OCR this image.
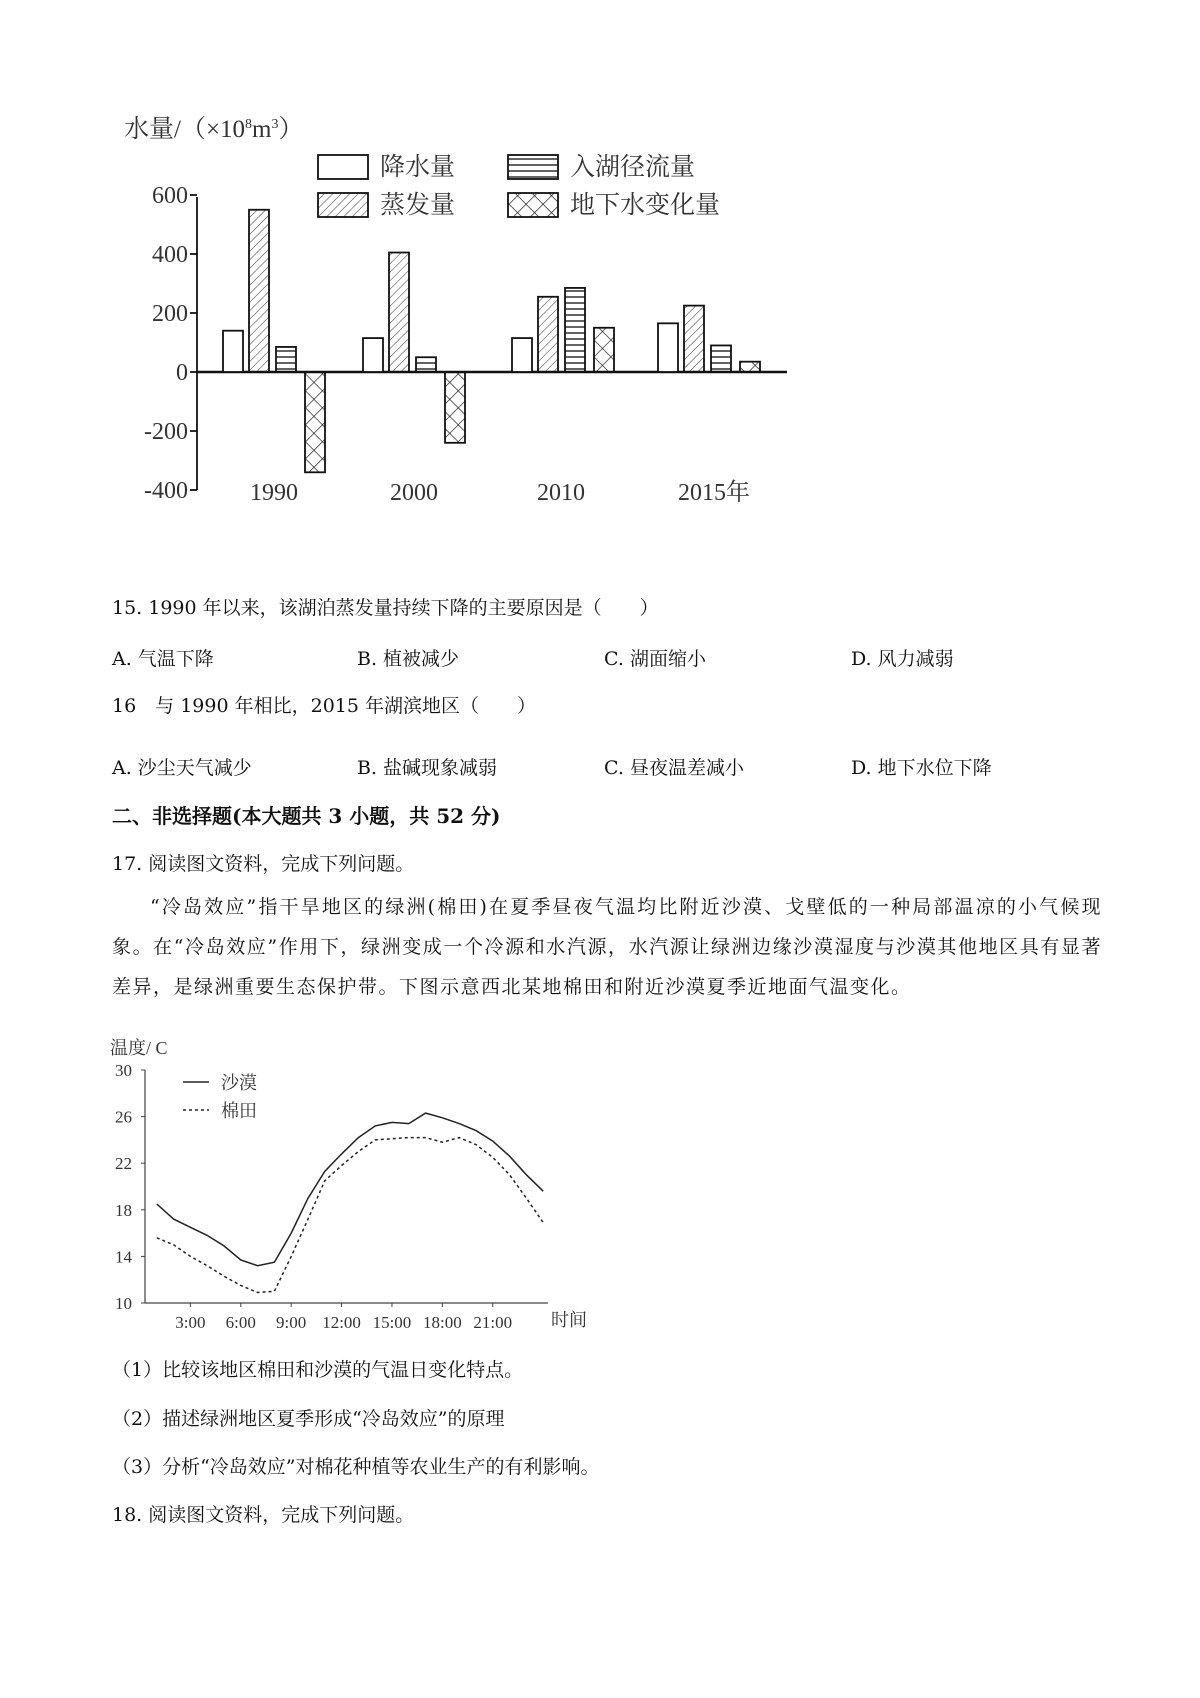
水量$/(\times 10^8m^3)$
降水量	入湖径流量
蒸发量	地下水变化量
600
400
200
0
-200
-400	1990	2000	2010	2015年
15. 1990 年以来，该湖泊蒸发量持续下降的主要原因是（　　）
A. 气温下降	B. 植被减少	C. 湖面缩小	D. 风力减弱
16　与 1990 年相比，2015 年湖滨地区（　　）
A. 沙尘天气减少	B. 盐碱现象减弱	C. 昼夜温差减小	D. 地下水位下降
二、非选择题(本大题共 3 小题，共 52 分)
17. 阅读图文资料，完成下列问题。
“冷岛效应”指干旱地区的绿洲(棉田)在夏季昼夜气温均比附近沙漠、戈壁低的一种局部温凉的小气候现象。在“冷岛效应”作用下，绿洲变成一个冷源和水汽源，水汽源让绿洲边缘沙漠湿度与沙漠其他地区具有显著差异，是绿洲重要生态保护带。下图示意西北某地棉田和附近沙漠夏季近地面气温变化。
温度/ C
沙漠
棉田
时间
30
26
22
18
14
10
3:00 6:00 9:00 12:00 15:00 18:00 21:00
（1）比较该地区棉田和沙漠的气温日变化特点。
（2）描述绿洲地区夏季形成“冷岛效应”的原理
（3）分析“冷岛效应”对棉花种植等农业生产的有利影响。
18. 阅读图文资料，完成下列问题。
